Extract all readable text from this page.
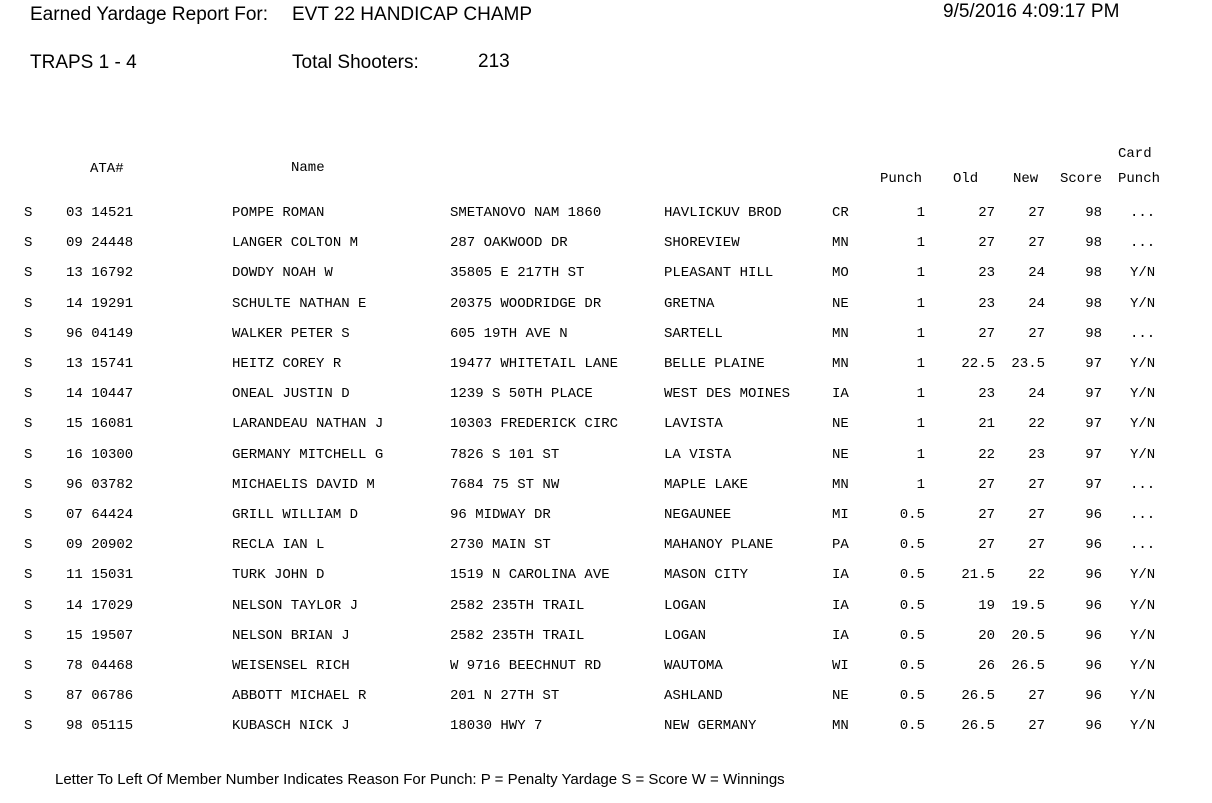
Earned Yardage Report For: EVT 22 HANDICAP CHAMP	9/5/2016 4:09:17 PM
TRAPS 1 - 4	Total Shooters:	213
ATA#	Name
Punch Old New Score
Card
Punch
S	03 14521	POMPE ROMAN	SMETANOVO NAM 1860	HAVLICKUV BROD	CR	1	27	27	98 ...
S	09 24448	LANGER COLTON M	287 OAKWOOD DR	SHOREVIEW	MN	1	27	27	98 ...
S	13 16792	DOWDY NOAH W	35805 E 217TH ST	PLEASANT HILL	MO	1	23	24	98 Y/N
S	14 19291	SCHULTE NATHAN E	20375 WOODRIDGE DR	GRETNA	NE	1	23	24	98 Y/N
S	96 04149	WALKER PETER S	605 19TH AVE N	SARTELL	MN	1	27	27	98 ...
S	13 15741	HEITZ COREY R	19477 WHITETAIL LANE	BELLE PLAINE	MN	1	22.5	23.5	97 Y/N
S	14 10447	ONEAL JUSTIN D	1239 S 50TH PLACE	WEST DES MOINES	IA	1	23	24	97 Y/N
S	15 16081	LARANDEAU NATHAN J	10303 FREDERICK CIRC	LAVISTA	NE	1	21	22	97 Y/N
S	16 10300	GERMANY MITCHELL G	7826 S 101 ST	LA VISTA	NE	1	22	23	97 Y/N
S	96 03782	MICHAELIS DAVID M	7684 75 ST NW	MAPLE LAKE	MN	1	27	27	97 ...
S	07 64424	GRILL WILLIAM D	96 MIDWAY DR	NEGAUNEE	MI	0.5	27	27	96 ...
S	09 20902	RECLA IAN L	2730 MAIN ST	MAHANOY PLANE	PA	0.5	27	27	96 ...
S	11 15031	TURK JOHN D	1519 N CAROLINA AVE	MASON CITY	IA	0.5	21.5	22	96 Y/N
S	14 17029	NELSON TAYLOR J	2582 235TH TRAIL	LOGAN	IA	0.5	19	19.5	96 Y/N
S	15 19507	NELSON BRIAN J	2582 235TH TRAIL	LOGAN	IA	0.5	20	20.5	96 Y/N
S	78 04468	WEISENSEL RICH	W 9716 BEECHNUT RD	WAUTOMA	WI	0.5	26	26.5	96 Y/N
S	87 06786	ABBOTT MICHAEL R	201 N 27TH ST	ASHLAND	NE	0.5	26.5	27	96 Y/N
S	98 05115	KUBASCH NICK J	18030 HWY 7	NEW GERMANY	MN	0.5	26.5	27	96 Y/N
Letter To Left Of Member Number Indicates Reason For Punch: P = Penalty Yardage S = Score W = Winnings
